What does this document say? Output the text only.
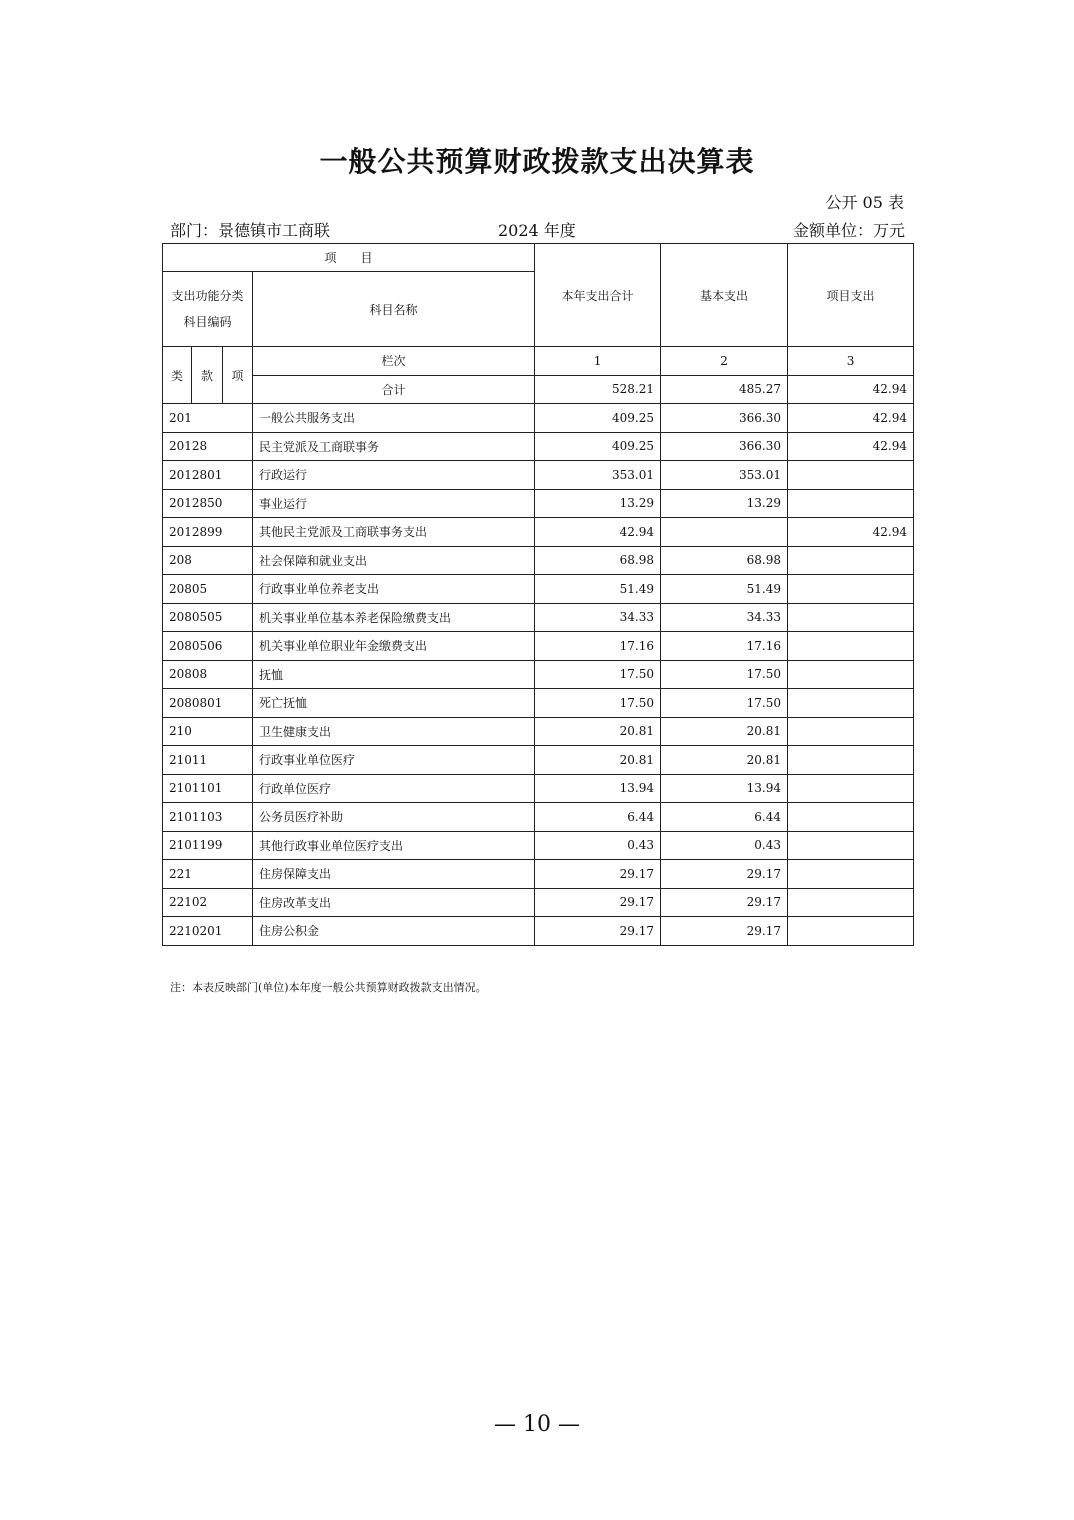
一般公共预算财政拨款支出决算表
公开 05 表
部门：景德镇市工商联	2024 年度	金额单位：万元
项　　目				本年支出合计	基本支出	项目支出
支出功能分类科目编码			科目名称			
类	款	项	栏次	1	2	3
			合计	528.21	485.27	42.94
201			一般公共服务支出	409.25	366.30	42.94
20128			民主党派及工商联事务	409.25	366.30	42.94
2012801			行政运行	353.01	353.01	
2012850			事业运行	13.29	13.29	
2012899			其他民主党派及工商联事务支出	42.94		42.94
208			社会保障和就业支出	68.98	68.98	
20805			行政事业单位养老支出	51.49	51.49	
2080505			机关事业单位基本养老保险缴费支出	34.33	34.33	
2080506			机关事业单位职业年金缴费支出	17.16	17.16	
20808			抚恤	17.50	17.50	
2080801			死亡抚恤	17.50	17.50	
210			卫生健康支出	20.81	20.81	
21011			行政事业单位医疗	20.81	20.81	
2101101			行政单位医疗	13.94	13.94	
2101103			公务员医疗补助	6.44	6.44	
2101199			其他行政事业单位医疗支出	0.43	0.43	
221			住房保障支出	29.17	29.17	
22102			住房改革支出	29.17	29.17	
2210201			住房公积金	29.17	29.17	
注：本表反映部门(单位)本年度一般公共预算财政拨款支出情况。
— 10 —
